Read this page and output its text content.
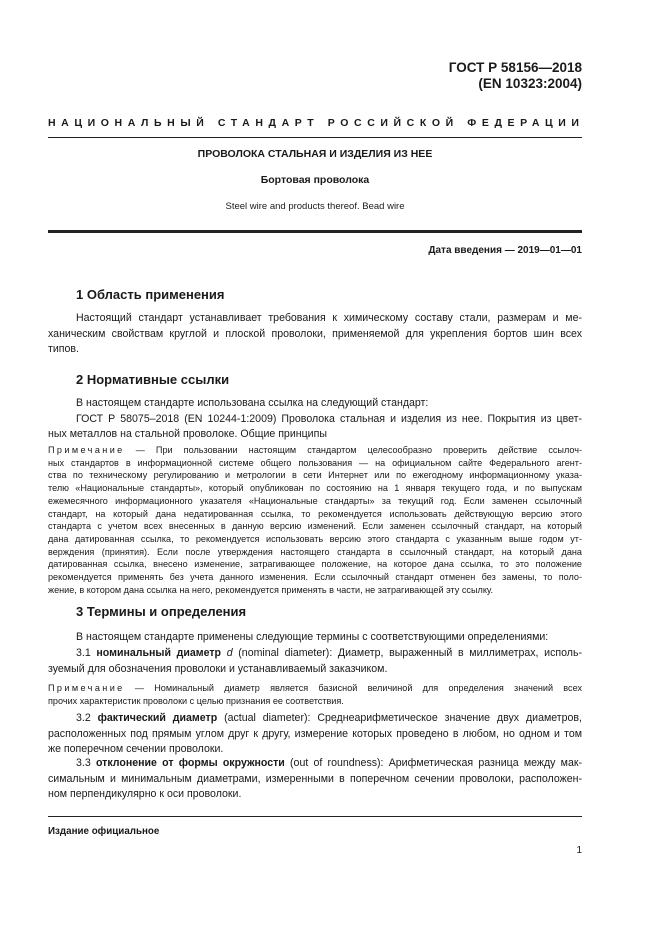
ГОСТ Р 58156—2018
(EN 10323:2004)
НАЦИОНАЛЬНЫЙ СТАНДАРТ РОССИЙСКОЙ ФЕДЕРАЦИИ
ПРОВОЛОКА СТАЛЬНАЯ И ИЗДЕЛИЯ ИЗ НЕЕ
Бортовая проволока
Steel wire and products thereof. Bead wire
Дата введения — 2019—01—01
1 Область применения
Настоящий стандарт устанавливает требования к химическому составу стали, размерам и ме-
ханическим свойствам круглой и плоской проволоки, применяемой для укрепления бортов шин всех
типов.
2 Нормативные ссылки
В настоящем стандарте использована ссылка на следующий стандарт:
ГОСТ Р 58075–2018 (EN 10244-1:2009) Проволока стальная и изделия из нее. Покрытия из цвет-
ных металлов на стальной проволоке. Общие принципы
Примечание — При пользовании настоящим стандартом целесообразно проверить действие ссылоч-
ных стандартов в информационной системе общего пользования — на официальном сайте Федерального агент-
ства по техническому регулированию и метрологии в сети Интернет или по ежегодному информационному указа-
телю «Национальные стандарты», который опубликован по состоянию на 1 января текущего года, и по выпускам
ежемесячного информационного указателя «Национальные стандарты» за текущий год. Если заменен ссылочный
стандарт, на который дана недатированная ссылка, то рекомендуется использовать действующую версию этого
стандарта с учетом всех внесенных в данную версию изменений. Если заменен ссылочный стандарт, на который
дана датированная ссылка, то рекомендуется использовать версию этого стандарта с указанным выше годом ут-
верждения (принятия). Если после утверждения настоящего стандарта в ссылочный стандарт, на который дана
датированная ссылка, внесено изменение, затрагивающее положение, на которое дана ссылка, то это положение
рекомендуется применять без учета данного изменения. Если ссылочный стандарт отменен без замены, то поло-
жение, в котором дана ссылка на него, рекомендуется применять в части, не затрагивающей эту ссылку.
3 Термины и определения
В настоящем стандарте применены следующие термины с соответствующими определениями:
3.1 номинальный диаметр d (nominal diameter): Диаметр, выраженный в миллиметрах, исполь-
зуемый для обозначения проволоки и устанавливаемый заказчиком.
Примечание — Номинальный диаметр является базисной величиной для определения значений всех
прочих характеристик проволоки с целью признания ее соответствия.
3.2 фактический диаметр (actual diameter): Среднеарифметическое значение двух диаметров,
расположенных под прямым углом друг к другу, измерение которых проведено в любом, но одном и том
же поперечном сечении проволоки.
3.3 отклонение от формы окружности (out of roundness): Арифметическая разница между мак-
симальным и минимальным диаметрами, измеренными в поперечном сечении проволоки, расположен-
ном перпендикулярно к оси проволоки.
Издание официальное
1
